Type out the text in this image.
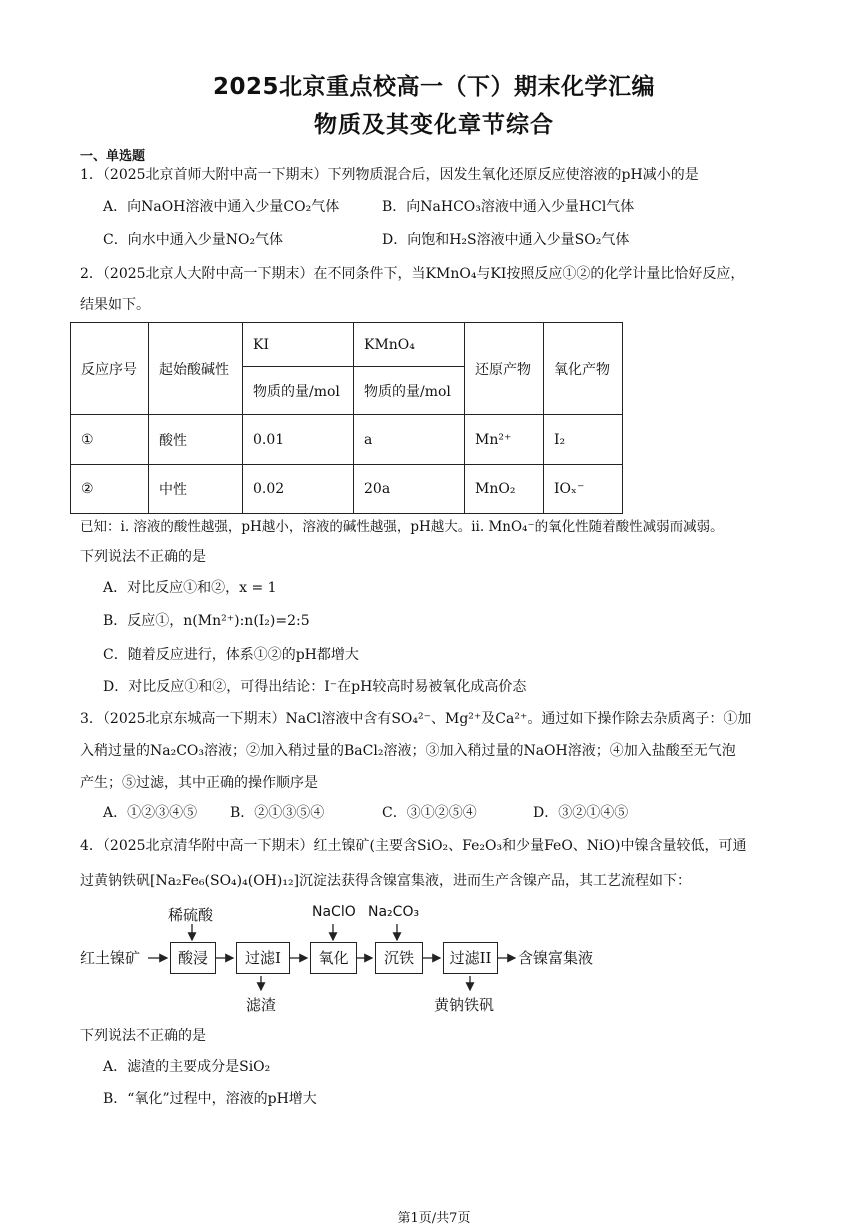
2025北京重点校高一（下）期末化学汇编
物质及其变化章节综合
一、单选题
1．（2025北京首师大附中高一下期末）下列物质混合后，因发生氧化还原反应使溶液的pH减小的是
A．向NaOH溶液中通入少量CO₂气体	B．向NaHCO₃溶液中通入少量HCl气体
C．向水中通入少量NO₂气体	D．向饱和H₂S溶液中通入少量SO₂气体
2．（2025北京人大附中高一下期末）在不同条件下，当KMnO₄与KI按照反应①②的化学计量比恰好反应，
结果如下。
反应序号	起始酸碱性	KI	KMnO₄	还原产物	氧化产物
		物质的量/mol	物质的量/mol		
①	酸性	0.01	a	Mn²⁺	I₂
②	中性	0.02	20a	MnO₂	IOₓ⁻
已知：i. 溶液的酸性越强，pH越小，溶液的碱性越强，pH越大。ii. MnO₄⁻的氧化性随着酸性减弱而减弱。
下列说法不正确的是
A．对比反应①和②，x = 1
B．反应①，n(Mn²⁺):n(I₂)=2:5
C．随着反应进行，体系①②的pH都增大
D．对比反应①和②，可得出结论：I⁻在pH较高时易被氧化成高价态
3．（2025北京东城高一下期末）NaCl溶液中含有SO₄²⁻、Mg²⁺及Ca²⁺。通过如下操作除去杂质离子：①加
入稍过量的Na₂CO₃溶液；②加入稍过量的BaCl₂溶液；③加入稍过量的NaOH溶液；④加入盐酸至无气泡
产生；⑤过滤，其中正确的操作顺序是
A．①②③④⑤ B．②①③⑤④	C．③①②⑤④	D．③②①④⑤
4．（2025北京清华附中高一下期末）红土镍矿(主要含SiO₂、Fe₂O₃和少量FeO、NiO)中镍含量较低，可通
过黄钠铁矾[Na₂Fe₆(SO₄)₄(OH)₁₂]沉淀法获得含镍富集液，进而生产含镍产品，其工艺流程如下：
红土镍矿
稀硫酸
酸浸	过滤I
滤渣
NaClO
氧化
Na₂CO₃
沉铁	过滤II
黄钠铁矾
含镍富集液
下列说法不正确的是
A．滤渣的主要成分是SiO₂
B．“氧化”过程中，溶液的pH增大
第1页/共7页
